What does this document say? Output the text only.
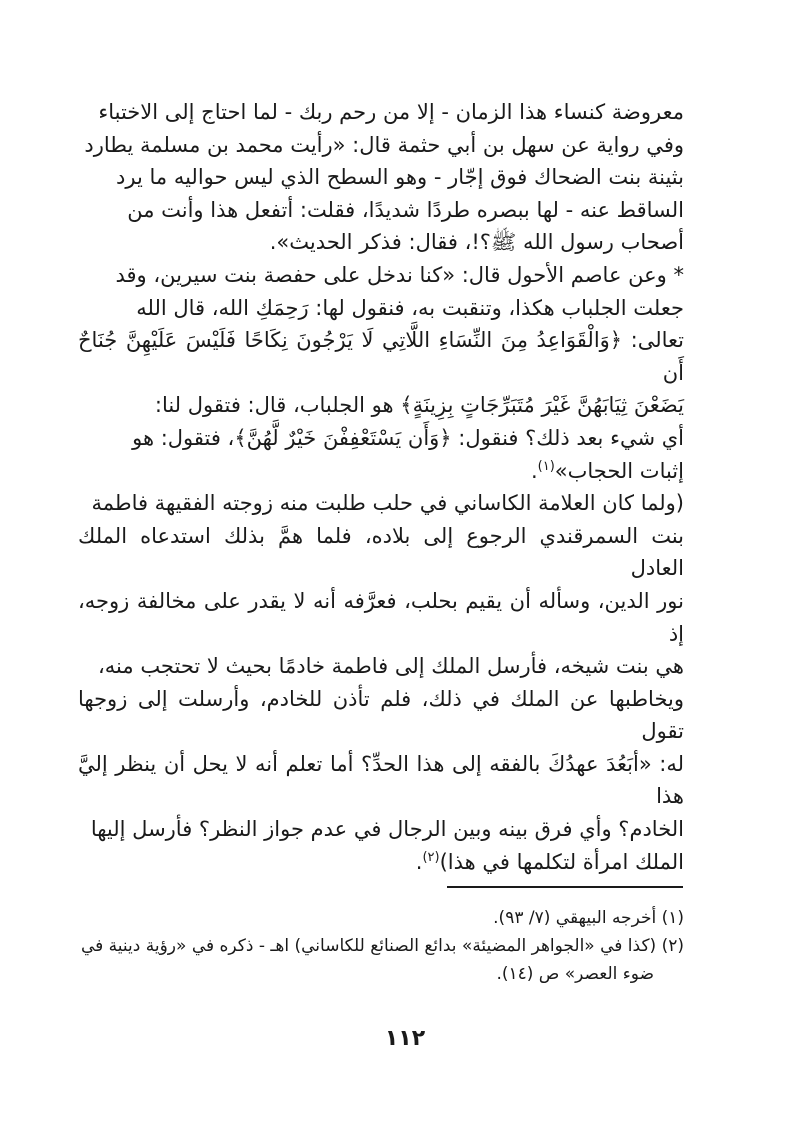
معروضة كنساء هذا الزمان - إلا من رحم ربك - لما احتاج إلى الاختباء
وفي رواية عن سهل بن أبي حثمة قال: «رأيت محمد بن مسلمة يطارد
بثينة بنت الضحاك فوق إجّار - وهو السطح الذي ليس حواليه ما يرد
الساقط عنه - لها ببصره طردًا شديدًا، فقلت: أتفعل هذا وأنت من
أصحاب رسول الله ﷺ؟!، فقال: فذكر الحديث».

* وعن عاصم الأحول قال: «كنا ندخل على حفصة بنت سيرين، وقد
جعلت الجلباب هكذا، وتنقبت به، فنقول لها: رَحِمَكِ الله، قال الله
تعالى: ﴿وَالْقَوَاعِدُ مِنَ النِّسَاءِ اللَّاتِي لَا يَرْجُونَ نِكَاحًا فَلَيْسَ عَلَيْهِنَّ جُنَاحٌ أَن
يَضَعْنَ ثِيَابَهُنَّ غَيْرَ مُتَبَرِّجَاتٍ بِزِينَةٍ﴾ هو الجلباب، قال: فتقول لنا:
أي شيء بعد ذلك؟ فنقول: ﴿وَأَن يَسْتَعْفِفْنَ خَيْرٌ لَّهُنَّ﴾، فتقول: هو
إثبات الحجاب»$^{(١)}$.

(ولما كان العلامة الكاساني في حلب طلبت منه زوجته الفقيهة فاطمة
بنت السمرقندي الرجوع إلى بلاده، فلما همَّ بذلك استدعاه الملك العادل
نور الدين، وسأله أن يقيم بحلب، فعرَّفه أنه لا يقدر على مخالفة زوجه، إذ
هي بنت شيخه، فأرسل الملك إلى فاطمة خادمًا بحيث لا تحتجب منه،
ويخاطبها عن الملك في ذلك، فلم تأذن للخادم، وأرسلت إلى زوجها تقول
له: «أبَعُدَ عهدُكَ بالفقه إلى هذا الحدِّ؟ أما تعلم أنه لا يحل أن ينظر إليَّ هذا
الخادم؟ وأي فرق بينه وبين الرجال في عدم جواز النظر؟ فأرسل إليها
الملك امرأة لتكلمها في هذا)$^{(٢)}$.

(١) أخرجه البيهقي (٧/ ٩٣).

(٢) (كذا في «الجواهر المضيئة» بدائع الصنائع للكاساني) اهـ - ذكره في «رؤية دينية في

ضوء العصر» ص (١٤).

١١٢
